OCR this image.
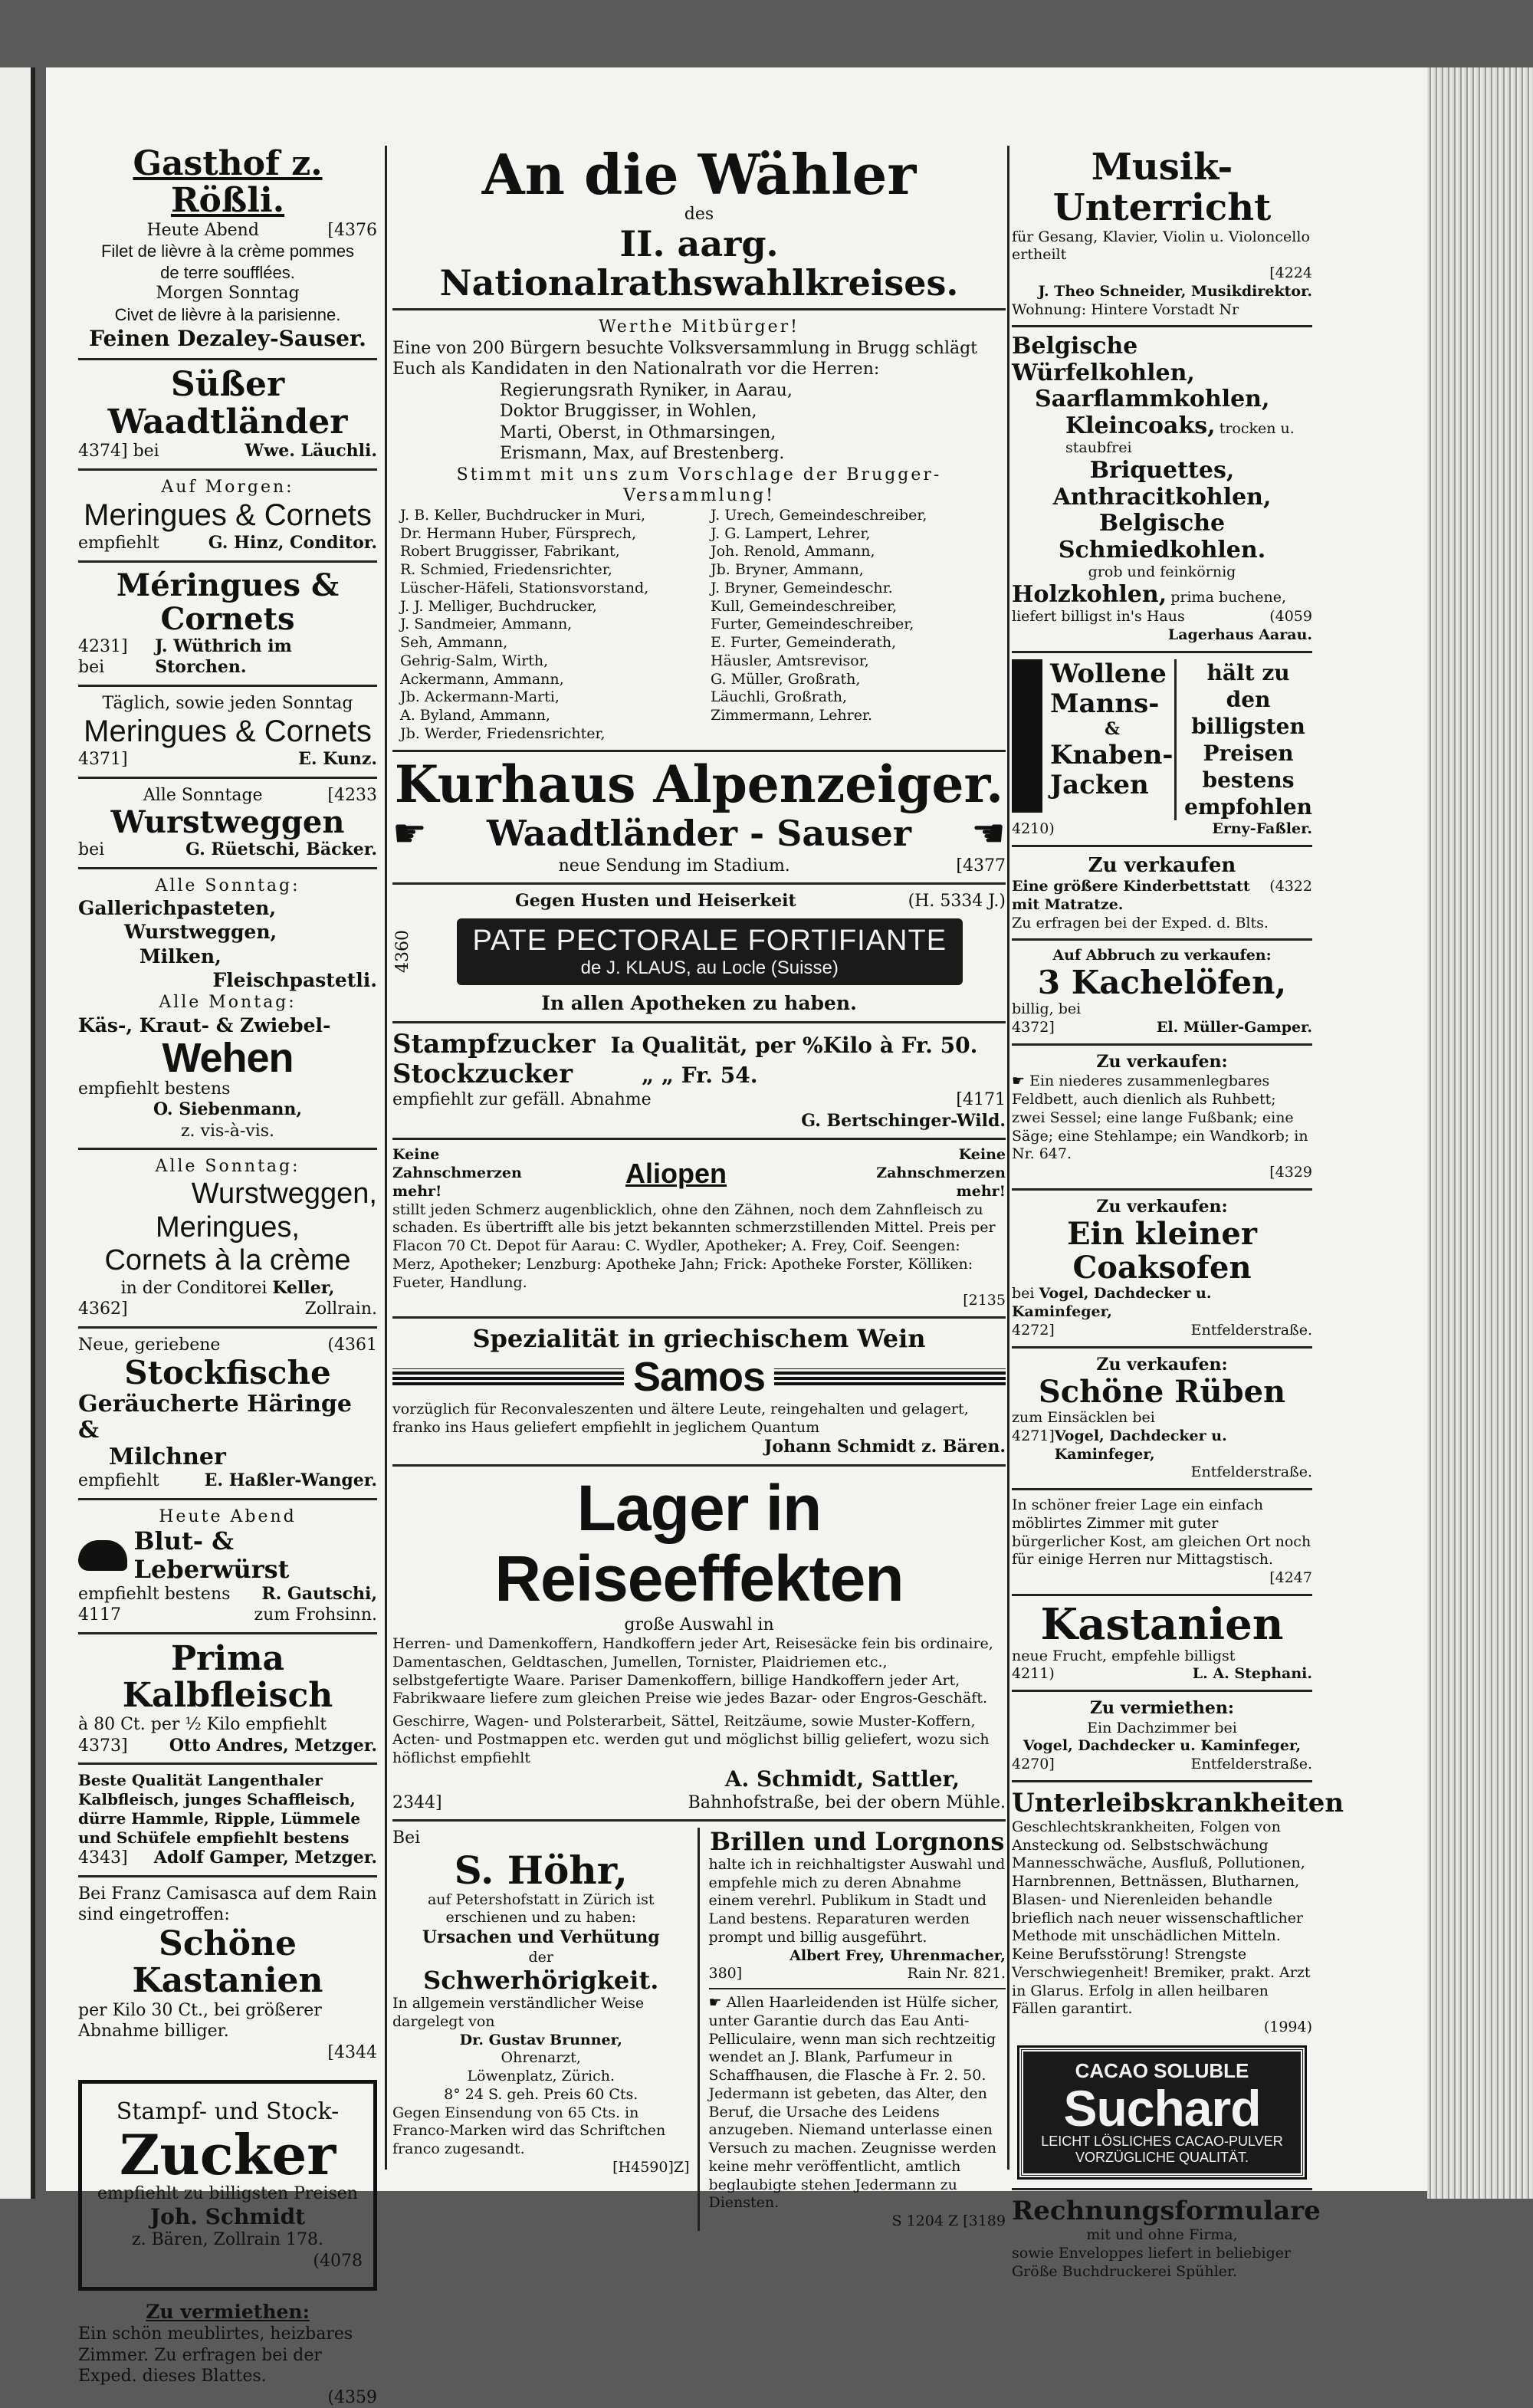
Gasthof z. Rößli.
Heute Abend	[4376
Filet de lièvre à la crème pommes
de terre soufflées.
Morgen Sonntag
Civet de lièvre à la parisienne.
Feinen Dezaley-Sauser.
Süßer Waadtländer
4374] bei	Wwe. Läuchli.
Auf Morgen:
Meringues & Cornets
empfiehlt	G. Hinz, Conditor.
Méringues & Cornets
4231] bei
J. Wüthrich im Storchen.
Täglich, sowie jeden Sonntag
Meringues & Cornets
4371]	E. Kunz.
Alle Sonntage	[4233
Wurstweggen
bei	G. Rüetschi, Bäcker.
Alle Sonntag:
Gallerichpasteten,
Wurstweggen,
Milken,
Fleischpastetli.
Alle Montag:
Käs-, Kraut- & Zwiebel-
Wehen
empfiehlt bestens
O. Siebenmann,
z. vis-à-vis.
Alle Sonntag:
Wurstweggen,
Meringues,
Cornets à la crème
in der Conditorei Keller,
4362]	Zollrain.
Neue, geriebene	(4361
Stockfische
Geräucherte Häringe &
Milchner
empfiehlt	E. Haßler-Wanger.
Heute Abend
Blut- & Leberwürst
empfiehlt bestens R. Gautschi,
4117	zum Frohsinn.
Prima Kalbfleisch
à 80 Ct. per ½ Kilo empfiehlt
4373] Otto Andres, Metzger.
Beste Qualität Langenthaler Kalbfleisch, junges Schaffleisch, dürre Hammle, Ripple, Lümmele und Schüfele empfiehlt bestens
4343] Adolf Gamper, Metzger.
Bei Franz Camisasca auf dem Rain sind eingetroffen:
Schöne Kastanien
per Kilo 30 Ct., bei größerer Abnahme billiger.
[4344
Stampf- und Stock-
Zucker
empfiehlt zu billigsten Preisen
Joh. Schmidt
z. Bären, Zollrain 178.
(4078
Zu vermiethen:
Ein schön meublirtes, heizbares Zimmer. Zu erfragen bei der Exped. dieses Blattes.
(4359
An die Wähler
des
II. aarg. Nationalrathswahlkreises.
Werthe Mitbürger!
Eine von 200 Bürgern besuchte Volksversammlung in Brugg schlägt Euch als Kandidaten in den Nationalrath vor die Herren:
Regierungsrath Ryniker, in Aarau,
Doktor Bruggisser, in Wohlen,
Marti, Oberst, in Othmarsingen,
Erismann, Max, auf Brestenberg.
Stimmt mit uns zum Vorschlage der Brugger-Versammlung!
J. B. Keller, Buchdrucker in Muri,
Dr. Hermann Huber, Fürsprech,
Robert Bruggisser, Fabrikant,
R. Schmied, Friedensrichter,
Lüscher-Häfeli, Stationsvorstand,
J. J. Melliger, Buchdrucker,
J. Sandmeier, Ammann,
Seh, Ammann,
Gehrig-Salm, Wirth,
Ackermann, Ammann,
Jb. Ackermann-Marti,
A. Byland, Ammann,
Jb. Werder, Friedensrichter,
J. Urech, Gemeindeschreiber,
J. G. Lampert, Lehrer,
Joh. Renold, Ammann,
Jb. Bryner, Ammann,
J. Bryner, Gemeindeschr.
Kull, Gemeindeschreiber,
Furter, Gemeindeschreiber,
E. Furter, Gemeinderath,
Häusler, Amtsrevisor,
G. Müller, Großrath,
Läuchli, Großrath,
Zimmermann, Lehrer.
Kurhaus Alpenzeiger.
☛ Waadtländer - Sauser ☚
neue Sendung im Stadium.	[4377
Gegen Husten und Heiserkeit	(H. 5334 J.)
4360	PATE PECTORALE FORTIFIANTE
de J. KLAUS, au Locle (Suisse)
In allen Apotheken zu haben.
Stampfzucker Ia Qualität, per %Kilo à Fr. 50.
Stockzucker	„ „ Fr. 54.
empfiehlt zur gefäll. Abnahme	[4171
G. Bertschinger-Wild.
Keine Zahnschmerzen mehr!
Aliopen
Keine Zahnschmerzen mehr!
stillt jeden Schmerz augenblicklich, ohne den Zähnen, noch dem Zahnfleisch zu schaden. Es übertrifft alle bis jetzt bekannten schmerzstillenden Mittel. Preis per Flacon 70 Ct. Depot für Aarau: C. Wydler, Apotheker; A. Frey, Coif. Seengen: Merz, Apotheker; Lenzburg: Apotheke Jahn; Frick: Apotheke Forster, Kölliken: Fueter, Handlung.
[2135
Spezialität in griechischem Wein
Samos
vorzüglich für Reconvaleszenten und ältere Leute, reingehalten und gelagert, franko ins Haus geliefert empfiehlt in jeglichem Quantum
Johann Schmidt z. Bären.
Lager in Reiseeffekten
große Auswahl in
Herren- und Damenkoffern, Handkoffern jeder Art, Reisesäcke fein bis ordinaire, Damentaschen, Geldtaschen, Jumellen, Tornister, Plaidriemen etc., selbstgefertigte Waare. Pariser Damenkoffern, billige Handkoffern jeder Art, Fabrikwaare liefere zum gleichen Preise wie jedes Bazar- oder Engros-Geschäft.
Geschirre, Wagen- und Polsterarbeit, Sättel, Reitzäume, sowie Muster-Koffern, Acten- und Postmappen etc. werden gut und möglichst billig geliefert, wozu sich höflichst empfiehlt
A. Schmidt, Sattler,
2344]	Bahnhofstraße, bei der obern Mühle.
Bei
S. Höhr,
auf Petershofstatt in Zürich ist erschienen und zu haben:
Ursachen und Verhütung
der
Schwerhörigkeit.
In allgemein verständlicher Weise dargelegt von
Dr. Gustav Brunner,
Ohrenarzt,
Löwenplatz, Zürich.
8° 24 S. geh. Preis 60 Cts.
Gegen Einsendung von 65 Cts. in Franco-Marken wird das Schriftchen franco zugesandt.
[H4590]Z]
Brillen und Lorgnons
halte ich in reichhaltigster Auswahl und empfehle mich zu deren Abnahme einem verehrl. Publikum in Stadt und Land bestens. Reparaturen werden prompt und billig ausgeführt.
Albert Frey, Uhrenmacher,
380]	Rain Nr. 821.
☛ Allen Haarleidenden ist Hülfe sicher, unter Garantie durch das Eau Anti-Pelliculaire, wenn man sich rechtzeitig wendet an J. Blank, Parfumeur in Schaffhausen, die Flasche à Fr. 2. 50. Jedermann ist gebeten, das Alter, den Beruf, die Ursache des Leidens anzugeben. Niemand unterlasse einen Versuch zu machen. Zeugnisse werden keine mehr veröffentlicht, amtlich beglaubigte stehen Jedermann zu Diensten.
S 1204 Z [3189
Musik-Unterricht
für Gesang, Klavier, Violin u. Violoncello ertheilt
[4224
J. Theo Schneider, Musikdirektor.
Wohnung: Hintere Vorstadt Nr
Belgische Würfelkohlen,
Saarflammkohlen,
Kleincoaks, trocken u. staubfrei
Briquettes,
Anthracitkohlen,
Belgische Schmiedkohlen.
grob und feinkörnig
Holzkohlen, prima buchene,
liefert billigst in's Haus	(4059
Lagerhaus Aarau.
Wollene
Manns-
&
Knaben-
Jacken
hält zu
den
billigsten
Preisen
bestens
empfohlen
4210)	Erny-Faßler.
Zu verkaufen
Eine größere Kinderbettstatt mit Matratze.
(4322
Zu erfragen bei der Exped. d. Blts.
Auf Abbruch zu verkaufen:
3 Kachelöfen,
billig, bei
4372]	El. Müller-Gamper.
Zu verkaufen:
☛ Ein niederes zusammenlegbares Feldbett, auch dienlich als Ruhbett; zwei Sessel; eine lange Fußbank; eine Säge; eine Stehlampe; ein Wandkorb; in Nr. 647.
[4329
Zu verkaufen:
Ein kleiner Coaksofen
bei Vogel, Dachdecker u. Kaminfeger,
4272]	Entfelderstraße.
Zu verkaufen:
Schöne Rüben
zum Einsäcklen bei
4271] Vogel, Dachdecker u. Kaminfeger,
Entfelderstraße.
In schöner freier Lage ein einfach möblirtes Zimmer mit guter bürgerlicher Kost, am gleichen Ort noch für einige Herren nur Mittagstisch.
[4247
Kastanien
neue Frucht, empfehle billigst
4211)	L. A. Stephani.
Zu vermiethen:
Ein Dachzimmer bei
Vogel, Dachdecker u. Kaminfeger,
4270]	Entfelderstraße.
Unterleibskrankheiten
Geschlechtskrankheiten, Folgen von Ansteckung od. Selbstschwächung Mannesschwäche, Ausfluß, Pollutionen, Harnbrennen, Bettnässen, Blutharnen, Blasen- und Nierenleiden behandle brieflich nach neuer wissenschaftlicher Methode mit unschädlichen Mitteln. Keine Berufsstörung! Strengste Verschwiegenheit! Bremiker, prakt. Arzt in Glarus. Erfolg in allen heilbaren Fällen garantirt.
(1994)
CACAO SOLUBLE
Suchard
LEICHT LÖSLICHES CACAO-PULVER
VORZÜGLICHE QUALITÄT.
Rechnungsformulare
mit und ohne Firma,
sowie Enveloppes liefert in beliebiger Größe Buchdruckerei Spühler.
